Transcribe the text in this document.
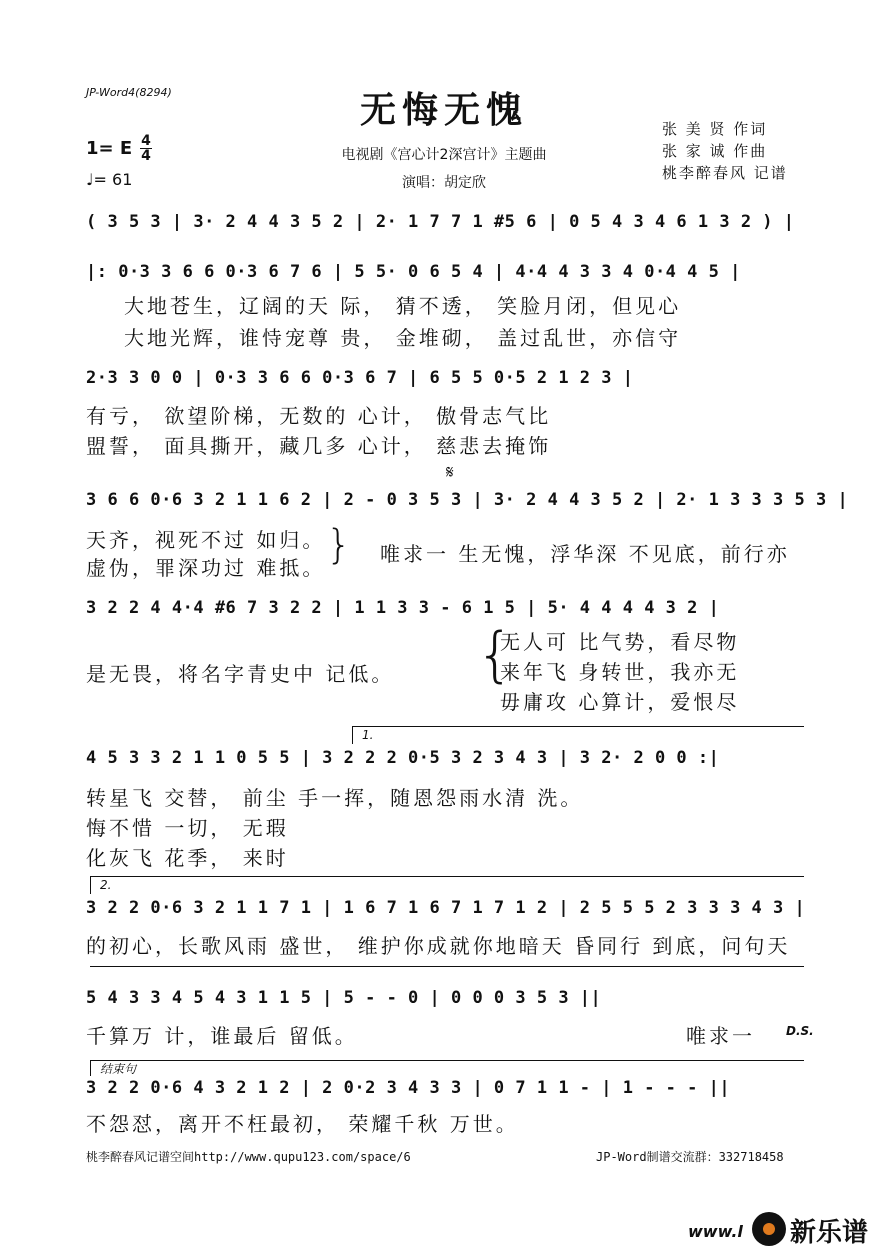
JP-Word4(8294)	无悔无愧
电视剧《宫心计2深宫计》主题曲
演唱：胡定欣
张 美 贤 作词
张 家 诚 作曲
桃李醉春风 记谱
1= E 4
4
♩= 61
( 3 5 3 | 3· 2 4 4 3 5 2 | 2· 1 7 7 1 #5 6 | 0 5 4 3 4 6 1 3 2 ) |
|: 0·3 3 6 6 0·3 6 7 6 | 5 5· 0 6 5 4 | 4·4 4 3 3 4 0·4 4 5 |
大地苍生，辽阔的天 际， 猜不透， 笑脸月闭，但见心
大地光辉，谁恃宠尊 贵， 金堆砌， 盖过乱世，亦信守
2·3 3 0 0 | 0·3 3 6 6 0·3 6 7 | 6 5 5 0·5 2 1 2 3 |
有亏， 欲望阶梯，无数的 心计， 傲骨志气比
盟誓， 面具撕开，藏几多 心计， 慈悲去掩饰
𝄋
3 6 6 0·6 3 2 1 1 6 2 | 2 - 0 3 5 3 | 3· 2 4 4 3 5 2 | 2· 1 3 3 3 5 3 |
天齐，视死不过 如归。
虚伪，罪深功过 难抵。 } 唯求一 生无愧，浮华深 不见底，前行亦
3 2 2 4 4·4 #6 7 3 2 2 | 1 1 3 3 - 6 1 5 | 5· 4 4 4 4 3 2 |
是无畏，将名字青史中 记低。 {
无人可 比气势，看尽物
来年飞 身转世，我亦无
毋庸攻 心算计，爱恨尽
1.
4 5 3 3 2 1 1 0 5 5 | 3 2 2 2 0·5 3 2 3 4 3 | 3 2· 2 0 0 :|
转星飞 交替， 前尘 手一挥，随恩怨雨水清 洗。
悔不惜 一切， 无瑕
化灰飞 花季， 来时
2.
3 2 2 0·6 3 2 1 1 7 1 | 1 6 7 1 6 7 1 7 1 2 | 2 5 5 5 2 3 3 3 4 3 |
的初心，长歌风雨 盛世， 维护你成就你地暗天 昏同行 到底，问句天
5 4 3 3 4 5 4 3 1 1 5 | 5 - - 0 | 0 0 0 3 5 3 ||
千算万 计，谁最后 留低。	唯求一	D.S.
结束句
3 2 2 0·6 4 3 2 1 2 | 2 0·2 3 4 3 3 | 0 7 1 1 - | 1 - - - ||
不怨怼，离开不枉最初， 荣耀千秋 万世。
桃李醉春风记谱空间http://www.qupu123.com/space/6	JP-Word制谱交流群：332718458
www.l 新乐谱
